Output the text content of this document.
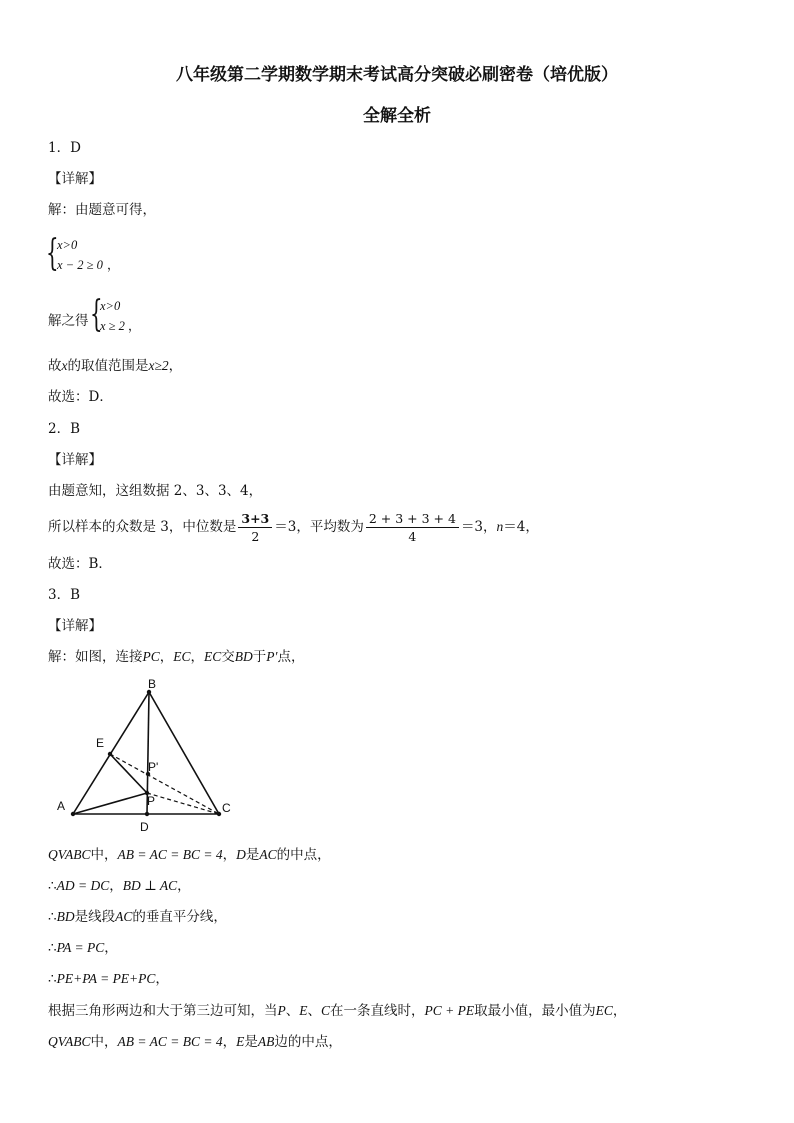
八年级第二学期数学期末考试高分突破必刷密卷（培优版）
全解全析
1．D
【详解】
解：由题意可得，
{
x>0
x − 2 ≥ 0 ，
解之得 {
x>0
x ≥ 2 ，
故x的取值范围是x≥2，
故选：D．
2．B
【详解】
由题意知，这组数据 2、3、3、4，
所以样本的众数是 3，中位数是 $\frac{3+3}{2} =3$，平均数为 $\frac{2 + 3 + 3 + 4}{4} =3$，n＝4，
故选：B．
3．B
【详解】
解：如图，连接PC，EC，EC交BD于P′点，
B
E
P'
P
A	C
D
QVABC中，AB = AC = BC = 4，D是AC的中点，
∴AD = DC，BD ⊥ AC，
∴BD是线段AC的垂直平分线，
∴PA = PC，
∴PE+PA = PE+PC，
根据三角形两边和大于第三边可知，当P、E、C在一条直线时，PC + PE取最小值，最小值为EC，
QVABC中，AB = AC = BC = 4，E是AB边的中点，
